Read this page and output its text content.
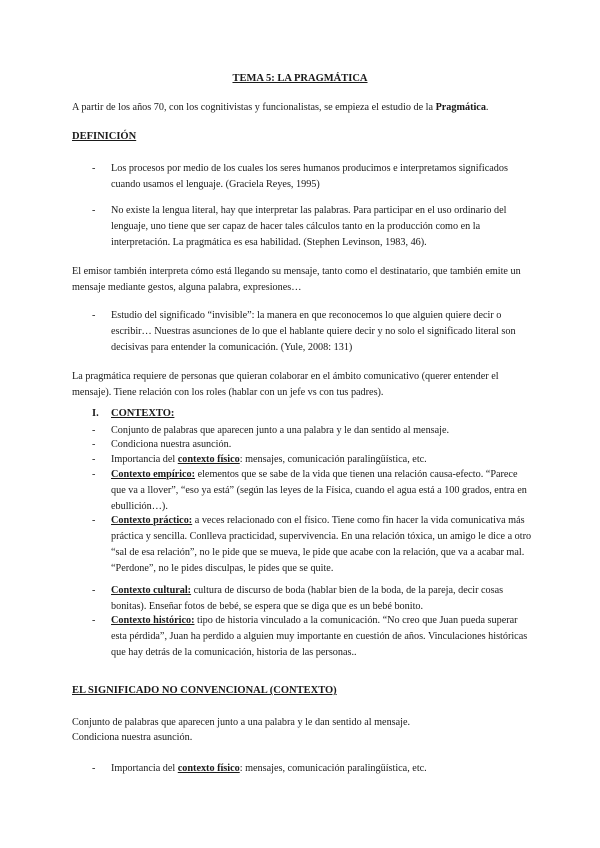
TEMA 5: LA PRAGMÁTICA
A partir de los años 70, con los cognitivistas y funcionalistas, se empieza el estudio de la Pragmática.
DEFINICIÓN
- Los procesos por medio de los cuales los seres humanos producimos e interpretamos significados cuando usamos el lenguaje. (Graciela Reyes, 1995)
- No existe la lengua literal, hay que interpretar las palabras. Para participar en el uso ordinario del lenguaje, uno tiene que ser capaz de hacer tales cálculos tanto en la producción como en la interpretación. La pragmática es esa habilidad. (Stephen Levinson, 1983, 46).
El emisor también interpreta cómo está llegando su mensaje, tanto como el destinatario, que también emite un mensaje mediante gestos, alguna palabra, expresiones…
- Estudio del significado “invisible”: la manera en que reconocemos lo que alguien quiere decir o escribir… Nuestras asunciones de lo que el hablante quiere decir y no solo el significado literal son decisivas para entender la comunicación. (Yule, 2008: 131)
La pragmática requiere de personas que quieran colaborar en el ámbito comunicativo (querer entender el mensaje). Tiene relación con los roles (hablar con un jefe vs con tus padres).
I. CONTEXTO:
- Conjunto de palabras que aparecen junto a una palabra y le dan sentido al mensaje.
- Condiciona nuestra asunción.
- Importancia del contexto físico: mensajes, comunicación paralingüística, etc.
- Contexto empírico: elementos que se sabe de la vida que tienen una relación causa-efecto. “Parece que va a llover”, “eso ya está” (según las leyes de la Física, cuando el agua está a 100 grados, entra en ebullición…).
- Contexto práctico: a veces relacionado con el físico. Tiene como fin hacer la vida comunicativa más práctica y sencilla. Conlleva practicidad, supervivencia. En una relación tóxica, un amigo le dice a otro “sal de esa relación”, no le pide que se mueva, le pide que acabe con la relación, que va a acabar mal. “Perdone”, no le pides disculpas, le pides que se quite.
- Contexto cultural: cultura de discurso de boda (hablar bien de la boda, de la pareja, decir cosas bonitas). Enseñar fotos de bebé, se espera que se diga que es un bebé bonito.
- Contexto histórico: tipo de historia vinculado a la comunicación. “No creo que Juan pueda superar esta pérdida”, Juan ha perdido a alguien muy importante en cuestión de años. Vinculaciones históricas que hay detrás de la comunicación, historia de las personas..
EL SIGNIFICADO NO CONVENCIONAL (CONTEXTO)
Conjunto de palabras que aparecen junto a una palabra y le dan sentido al mensaje.
Condiciona nuestra asunción.
- Importancia del contexto físico: mensajes, comunicación paralingüística, etc.
